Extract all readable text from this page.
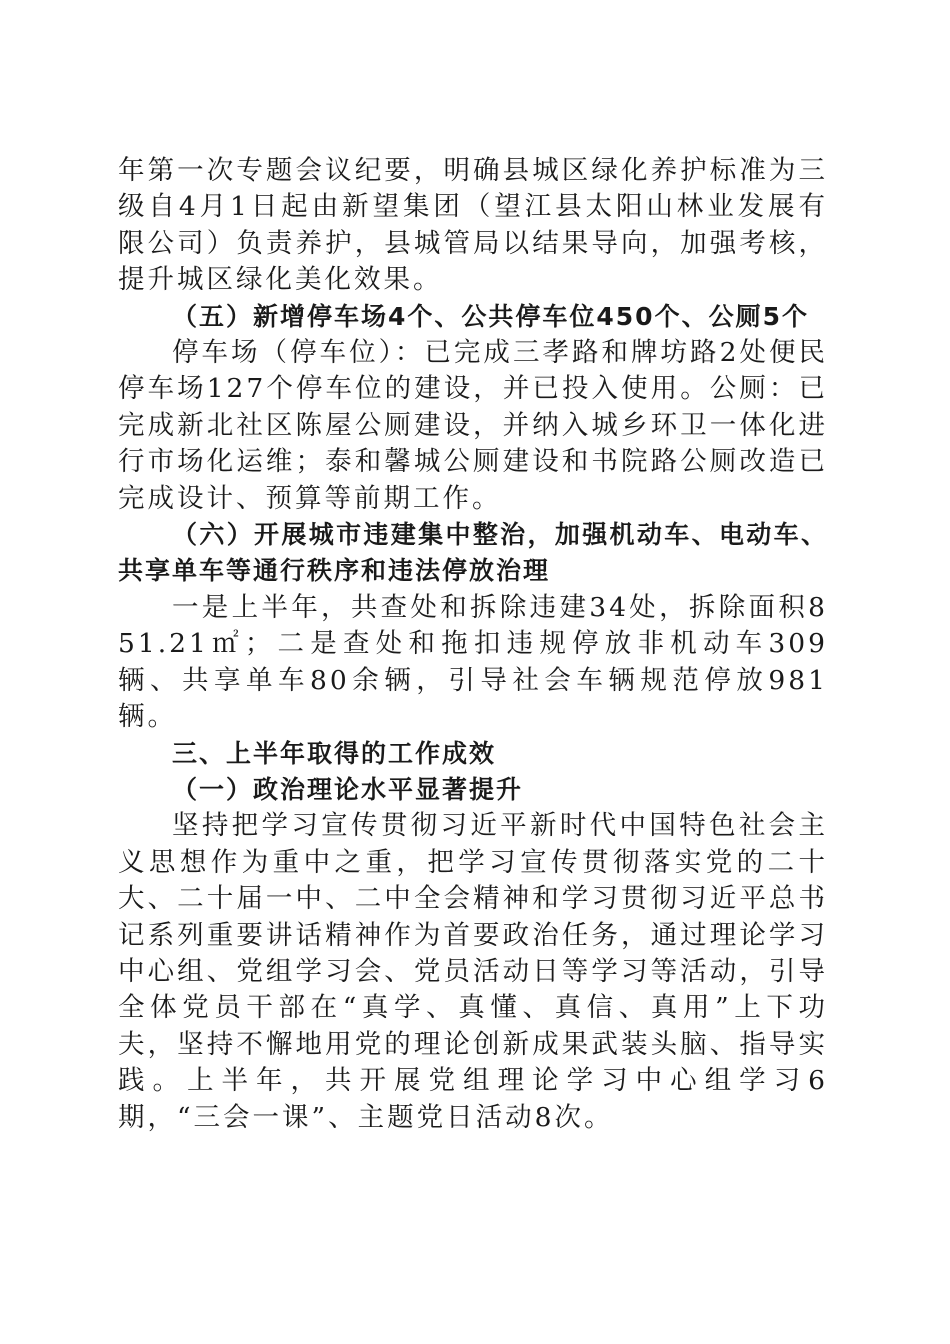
年第一次专题会议纪要，明确县城区绿化养护标准为三级自4月1日起由新望集团（望江县太阳山林业发展有限公司）负责养护，县城管局以结果导向，加强考核，提升城区绿化美化效果。

（五）新增停车场4个、公共停车位450个、公厕5个

停车场（停车位）：已完成三孝路和牌坊路2处便民停车场127个停车位的建设，并已投入使用。公厕：已完成新北社区陈屋公厕建设，并纳入城乡环卫一体化进行市场化运维；泰和馨城公厕建设和书院路公厕改造已完成设计、预算等前期工作。

（六）开展城市违建集中整治，加强机动车、电动车、共享单车等通行秩序和违法停放治理

一是上半年，共查处和拆除违建34处，拆除面积851.21㎡；二是查处和拖扣违规停放非机动车309辆、共享单车80余辆，引导社会车辆规范停放981辆。

三、上半年取得的工作成效

（一）政治理论水平显著提升

坚持把学习宣传贯彻习近平新时代中国特色社会主义思想作为重中之重，把学习宣传贯彻落实党的二十大、二十届一中、二中全会精神和学习贯彻习近平总书记系列重要讲话精神作为首要政治任务，通过理论学习中心组、党组学习会、党员活动日等学习等活动，引导全体党员干部在“真学、真懂、真信、真用”上下功夫，坚持不懈地用党的理论创新成果武装头脑、指导实践。上半年，共开展党组理论学习中心组学习6期，“三会一课”、主题党日活动8次。
